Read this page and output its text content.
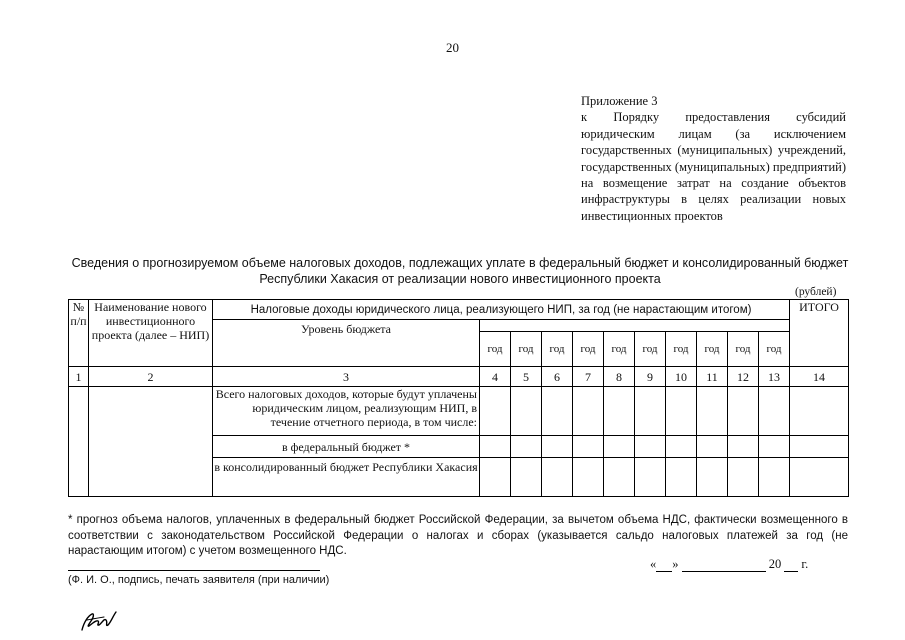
20
Приложение 3
к Порядку предоставления субсидий юридическим лицам (за исключением государственных (муниципальных) учреждений, государственных (муниципальных) предприятий) на возмещение затрат на создание объектов инфраструктуры в целях реализации новых инвестиционных проектов
Сведения о прогнозируемом объеме налоговых доходов, подлежащих уплате в федеральный бюджет и консолидированный бюджет Республики Хакасия от реализации нового инвестиционного проекта
(рублей)
№ п/п	Наименование нового инвестиционного проекта (далее – НИП)	Налоговые доходы юридического лица, реализующего НИП, за год (не нарастающим итогом)											ИТОГО
		Уровень бюджета											
			год	год	год	год	год	год	год	год	год	год	
1	2	3	4	5	6	7	8	9	10	11	12	13	14
		Всего налоговых доходов, которые будут уплачены юридическим лицом, реализующим НИП, в течение отчетного периода, в том числе:											
		в федеральный бюджет *											
		в консолидированный бюджет Республики Хакасия											
* прогноз объема налогов, уплаченных в федеральный бюджет Российской Федерации, за вычетом объема НДС, фактически возмещенного в соответствии с законодательством Российской Федерации о налогах и сборах (указывается сальдо налоговых платежей за год (не нарастающим итогом) с учетом возмещенного НДС.
« »	20 г.
(Ф. И. О., подпись, печать заявителя (при наличии)
